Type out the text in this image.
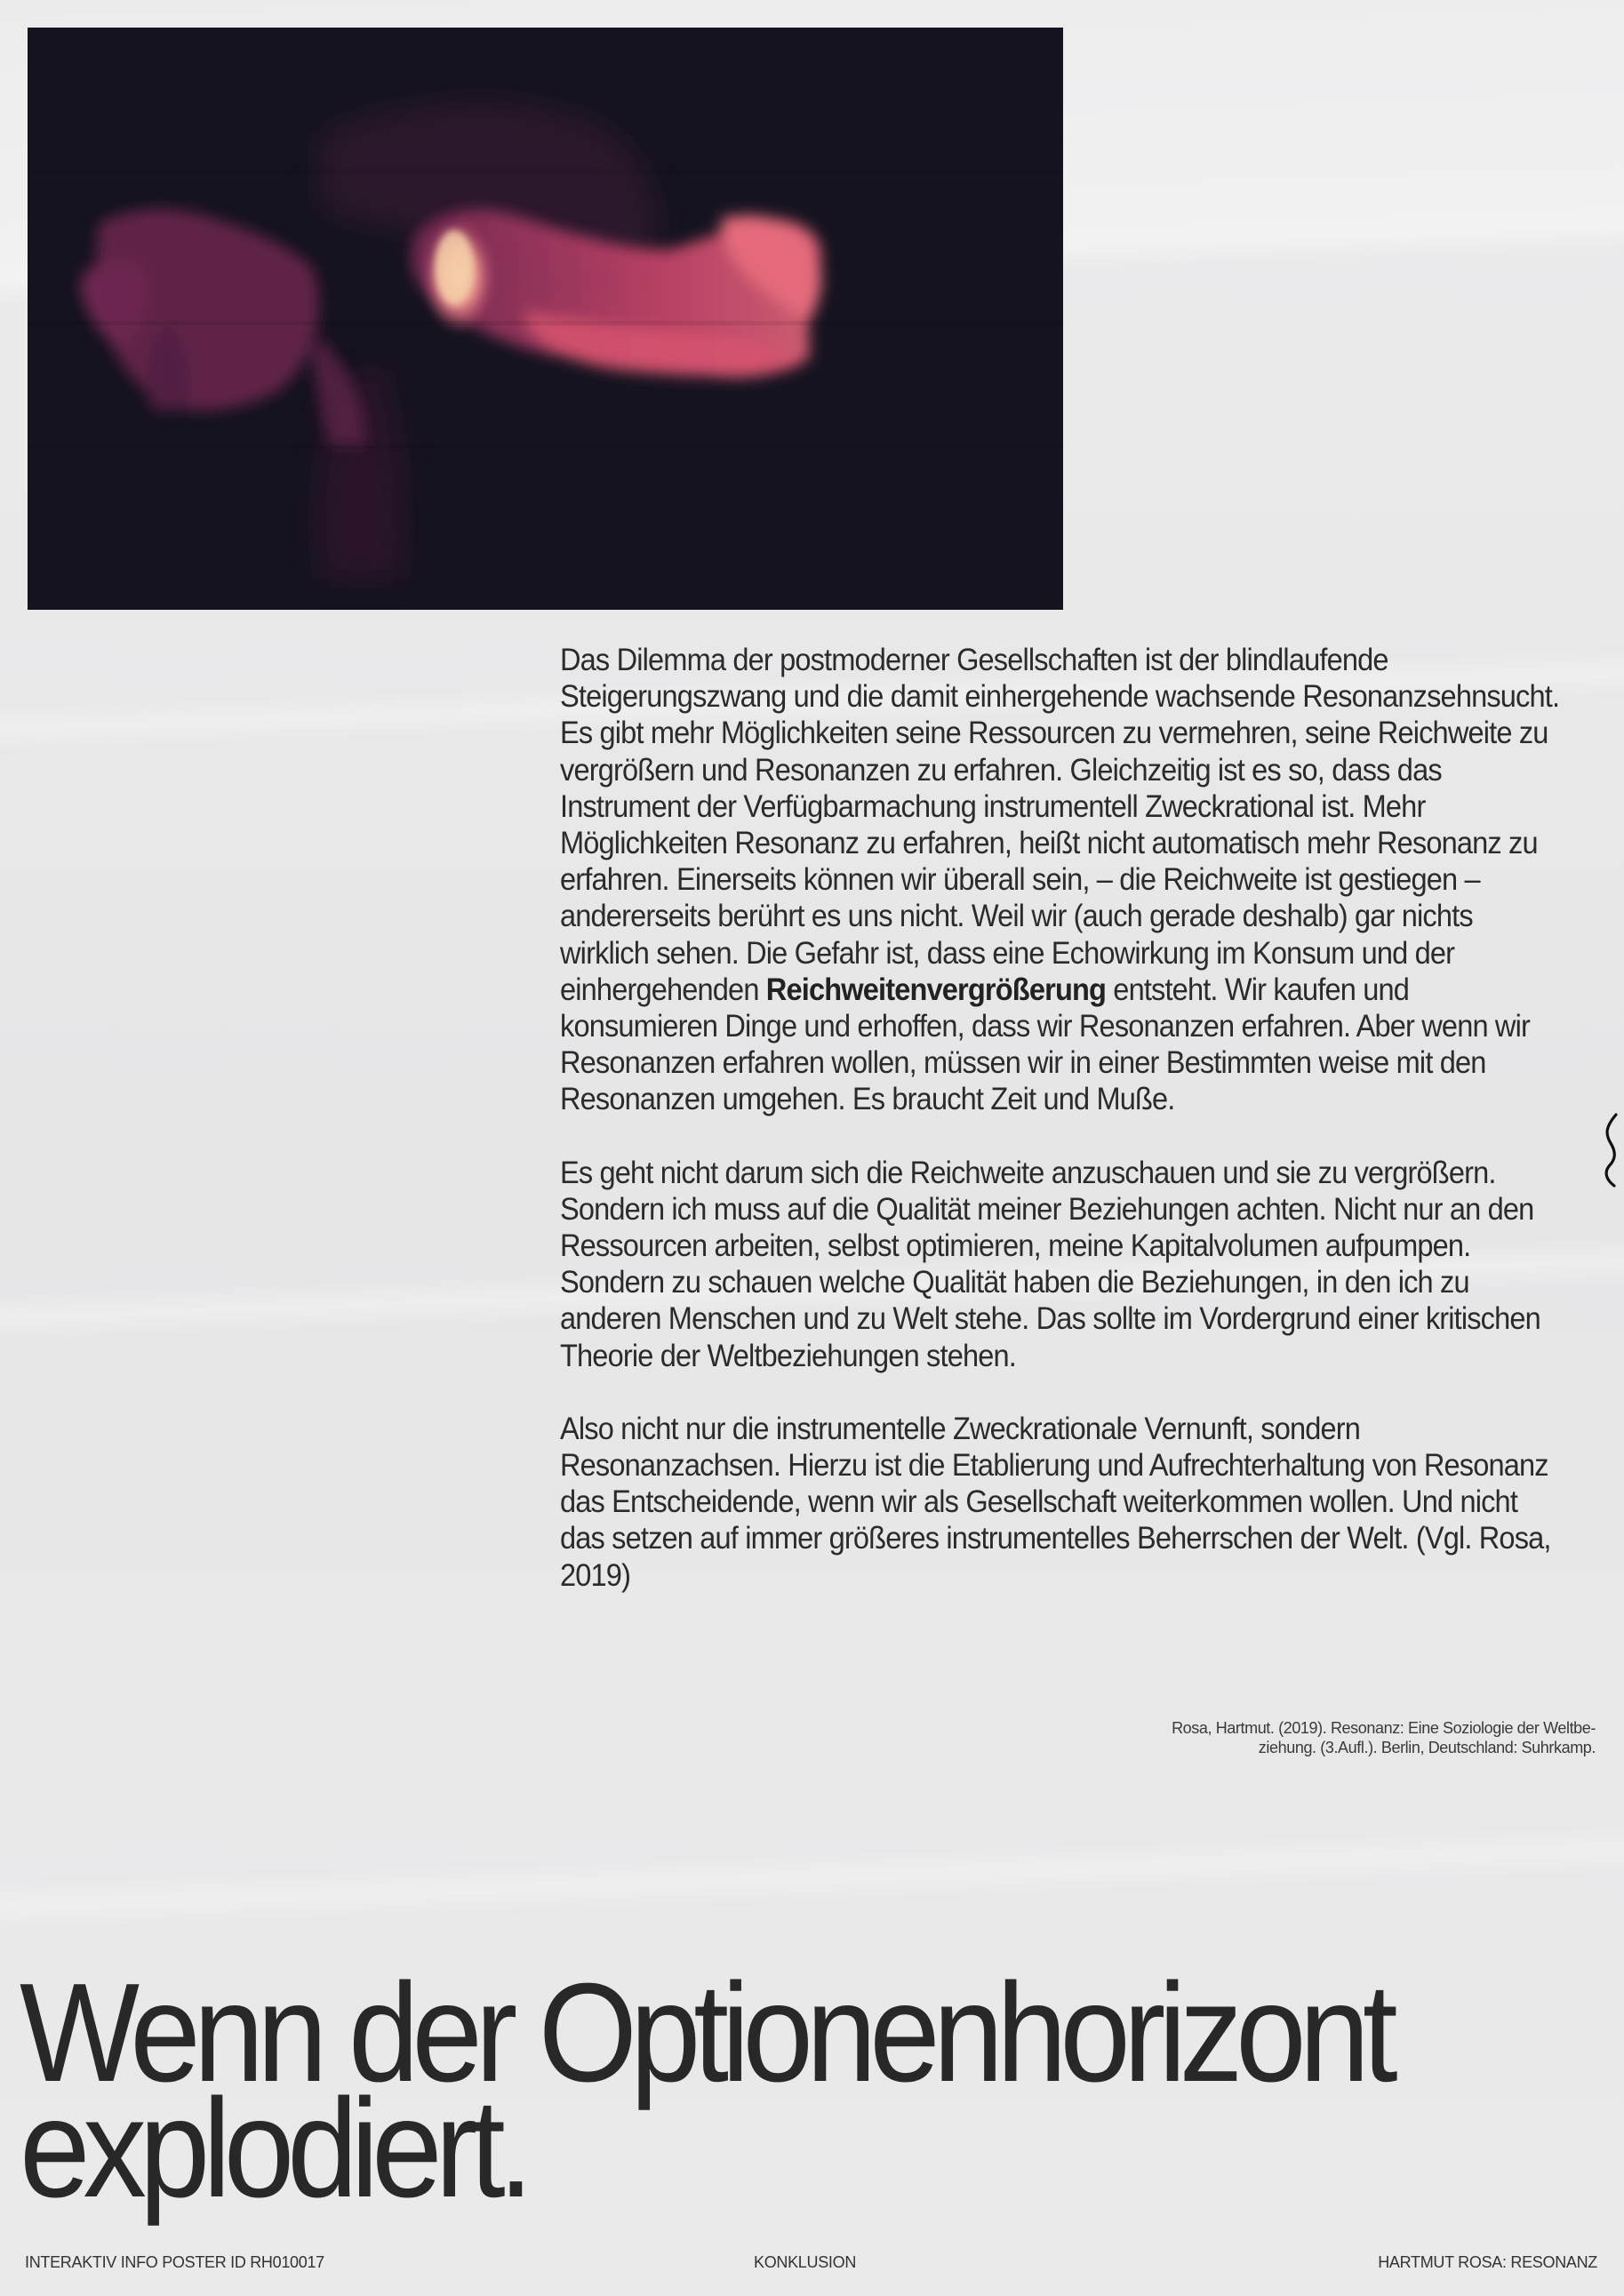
Das Dilemma der postmoderner Gesellschaften ist der blindlaufende Steigerungszwang und die damit einhergehende wachsende Resonanzsehnsucht. Es gibt mehr Möglichkeiten seine Ressourcen zu vermehren, seine Reichweite zu vergrößern und Resonanzen zu erfahren. Gleichzeitig ist es so, dass das Instrument der Verfügbarmachung instrumentell Zweckrational ist. Mehr Möglichkeiten Resonanz zu erfahren, heißt nicht automatisch mehr Resonanz zu erfahren. Einerseits können wir überall sein, – die Reichweite ist gestiegen – andererseits berührt es uns nicht. Weil wir (auch gerade deshalb) gar nichts wirklich sehen. Die Gefahr ist, dass eine Echowirkung im Konsum und der einhergehenden Reichweitenvergrößerung entsteht. Wir kaufen und konsumieren Dinge und erhoffen, dass wir Resonanzen erfahren. Aber wenn wir Resonanzen erfahren wollen, müssen wir in einer Bestimmten weise mit den Resonanzen umgehen. Es braucht Zeit und Muße.

Es geht nicht darum sich die Reichweite anzuschauen und sie zu vergrößern. Sondern ich muss auf die Qualität meiner Beziehungen achten. Nicht nur an den Ressourcen arbeiten, selbst optimieren, meine Kapitalvolumen aufpumpen. Sondern zu schauen welche Qualität haben die Beziehungen, in den ich zu anderen Menschen und zu Welt stehe. Das sollte im Vordergrund einer kritischen Theorie der Weltbeziehungen stehen.

Also nicht nur die instrumentelle Zweckrationale Vernunft, sondern Resonanzachsen. Hierzu ist die Etablierung und Aufrechterhaltung von Resonanz das Entscheidende, wenn wir als Gesellschaft weiterkommen wollen. Und nicht das setzen auf immer größeres instrumentelles Beherrschen der Welt. (Vgl. Rosa, 2019)

Rosa, Hartmut. (2019). Resonanz: Eine Soziologie der Weltbe-
ziehung. (3.Aufl.). Berlin, Deutschland: Suhrkamp.
Wenn der Optionenhorizont
explodiert.
INTERAKTIV INFO POSTER ID RH010017	KONKLUSION	HARTMUT ROSA: RESONANZ
